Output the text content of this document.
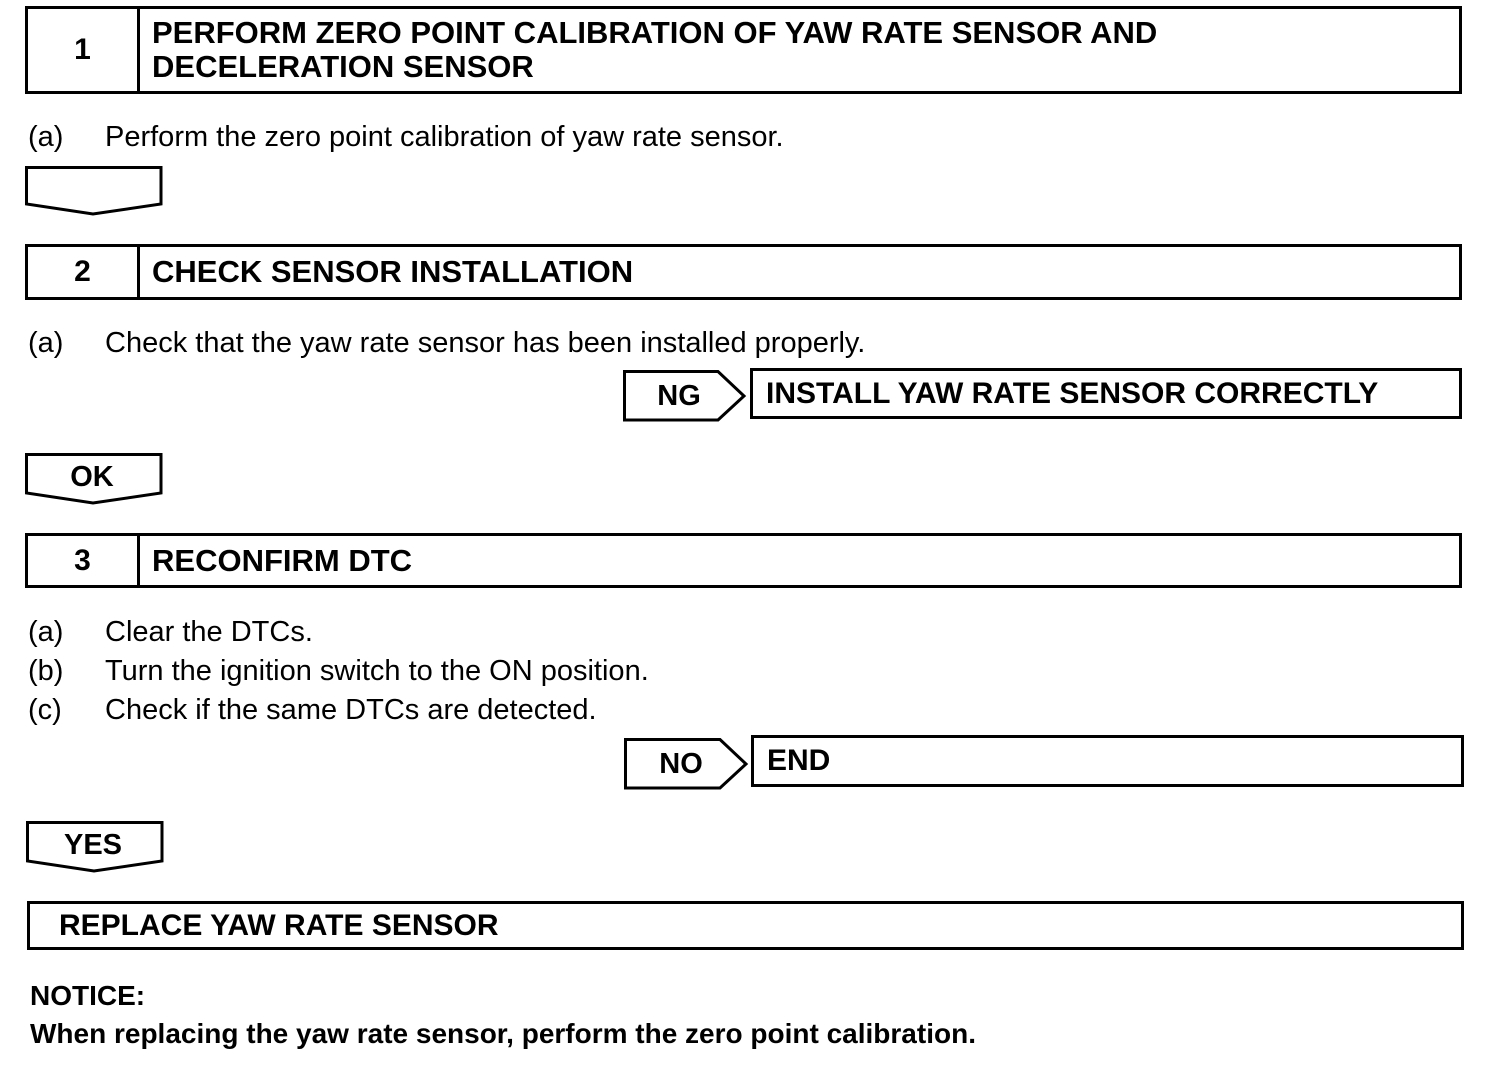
1	PERFORM ZERO POINT CALIBRATION OF YAW RATE SENSOR AND
DECELERATION SENSOR
(a) Perform the zero point calibration of yaw rate sensor.
2	CHECK SENSOR INSTALLATION
(a) Check that the yaw rate sensor has been installed properly.
NG	INSTALL YAW RATE SENSOR CORRECTLY
OK
3	RECONFIRM DTC
(a) Clear the DTCs.
(b) Turn the ignition switch to the ON position.
(c) Check if the same DTCs are detected.
NO	END
YES
REPLACE YAW RATE SENSOR
NOTICE:
When replacing the yaw rate sensor, perform the zero point calibration.
